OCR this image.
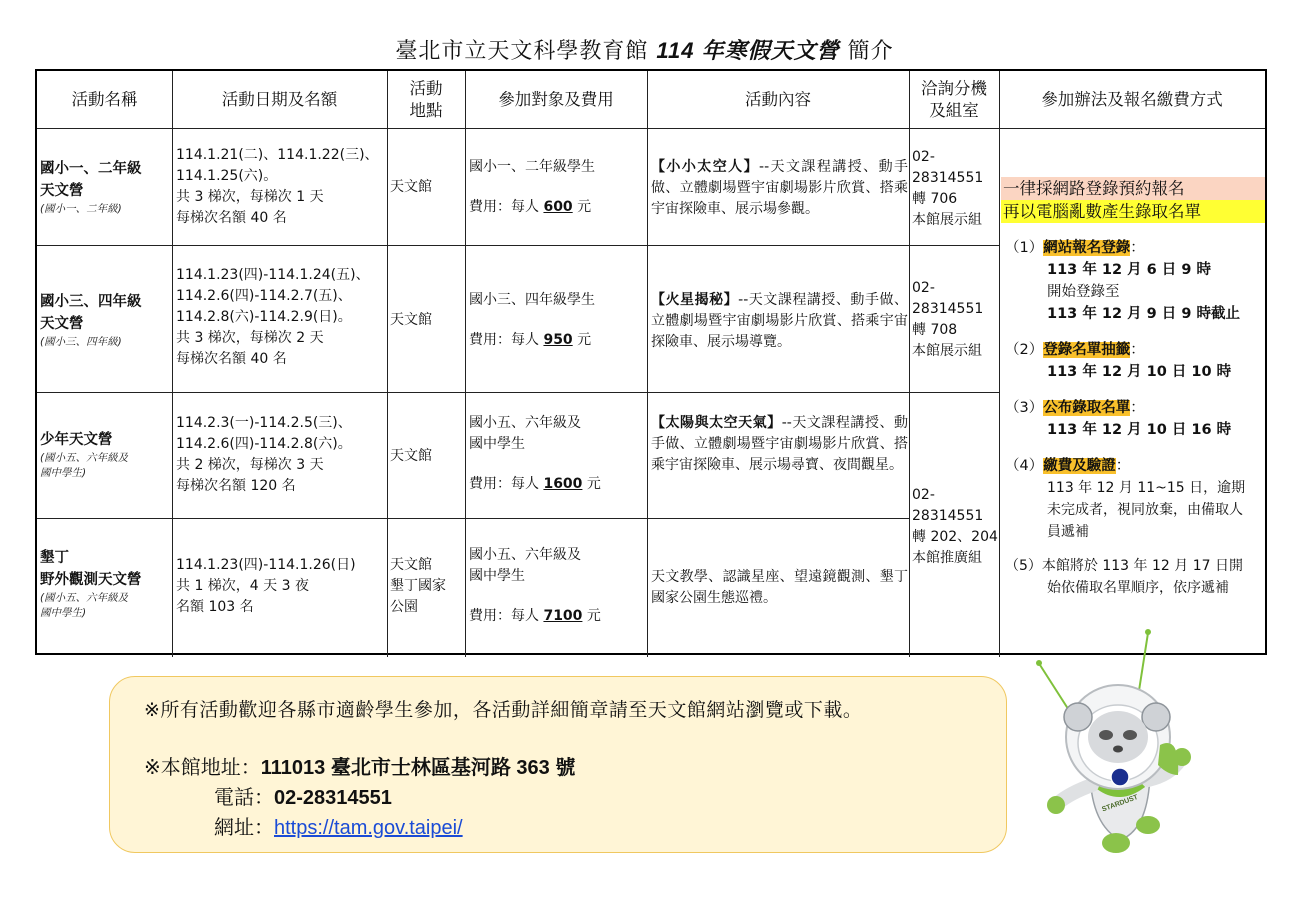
臺北市立天文科學教育館 114 年寒假天文營 簡介
活動名稱	活動日期及名額
活動
地點
參加對象及費用	活動內容
洽詢分機
及組室
參加辦法及報名繳費方式
國小一、二年級
天文營
(國小一、二年級)
114.1.21(二)、114.1.22(三)、
114.1.25(六)。
共 3 梯次，每梯次 1 天
每梯次名額 40 名
天文館
國小一、二年級學生
費用：每人 600 元
【小小太空人】--天文課程講授、動手做、立體劇場暨宇宙劇場影片欣賞、搭乘宇宙探險車、展示場參觀。
國小三、四年級
天文營
(國小三、四年級)
114.1.23(四)-114.1.24(五)、
114.2.6(四)-114.2.7(五)、
114.2.8(六)-114.2.9(日)。
共 3 梯次，每梯次 2 天
每梯次名額 40 名
天文館
國小三、四年級學生
費用：每人 950 元
【火星揭秘】--天文課程講授、動手做、立體劇場暨宇宙劇場影片欣賞、搭乘宇宙探險車、展示場導覽。
少年天文營
(國小五、六年級及
國中學生)
114.2.3(一)-114.2.5(三)、
114.2.6(四)-114.2.8(六)。
共 2 梯次，每梯次 3 天
每梯次名額 120 名
天文館
國小五、六年級及
國中學生
費用：每人 1600 元
【太陽與太空天氣】--天文課程講授、動手做、立體劇場暨宇宙劇場影片欣賞、搭乘宇宙探險車、展示場尋寶、夜間觀星。
墾丁
野外觀測天文營
(國小五、六年級及
國中學生)
114.1.23(四)-114.1.26(日)
共 1 梯次，4 天 3 夜
名額 103 名
天文館
墾丁國家
公園
國小五、六年級及
國中學生
費用：每人 7100 元
天文教學、認識星座、望遠鏡觀測、墾丁國家公園生態巡禮。
02-
28314551
轉 706
本館展示組
02-
28314551
轉 708
本館展示組
02-
28314551
轉 202、204
本館推廣組
一律採網路登錄預約報名
再以電腦亂數產生錄取名單
（1）網站報名登錄：
113 年 12 月 6 日 9 時
開始登錄至
113 年 12 月 9 日 9 時截止
（2）登錄名單抽籤：
113 年 12 月 10 日 10 時
（3）公布錄取名單：
113 年 12 月 10 日 16 時
（4）繳費及驗證：
113 年 12 月 11~15 日，逾期
未完成者，視同放棄，由備取人
員遞補
（5）本館將於 113 年 12 月 17 日開
始依備取名單順序，依序遞補
※所有活動歡迎各縣市適齡學生參加，各活動詳細簡章請至天文館網站瀏覽或下載。
※本館地址：111013 臺北市士林區基河路 363 號
電話：02-28314551
網址：https://tam.gov.taipei/
STARDUST
